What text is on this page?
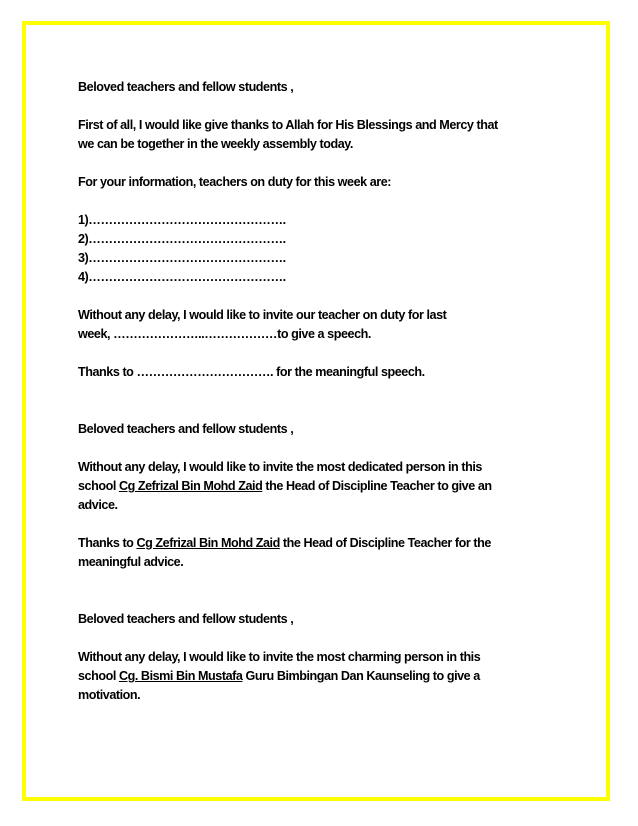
Beloved teachers and fellow students ,

First of all, I would like give thanks to Allah for His Blessings and Mercy that

we can be together in the weekly assembly today.

For your information, teachers on duty for this week are:

1)………………………………………….

2)………………………………………….

3)………………………………………….

4)………………………………………….

Without any delay, I would like to invite our teacher on duty for last

week, …………………..………………to give a speech.

Thanks to ……………………………. for the meaningful speech.

Beloved teachers and fellow students ,

Without any delay, I would like to invite the most dedicated person in this

school Cg Zefrizal Bin Mohd Zaid the Head of Discipline Teacher to give an

advice.

Thanks to Cg Zefrizal Bin Mohd Zaid the Head of Discipline Teacher for the

meaningful advice.

Beloved teachers and fellow students ,

Without any delay, I would like to invite the most charming person in this

school Cg. Bismi Bin Mustafa Guru Bimbingan Dan Kaunseling to give a

motivation.
